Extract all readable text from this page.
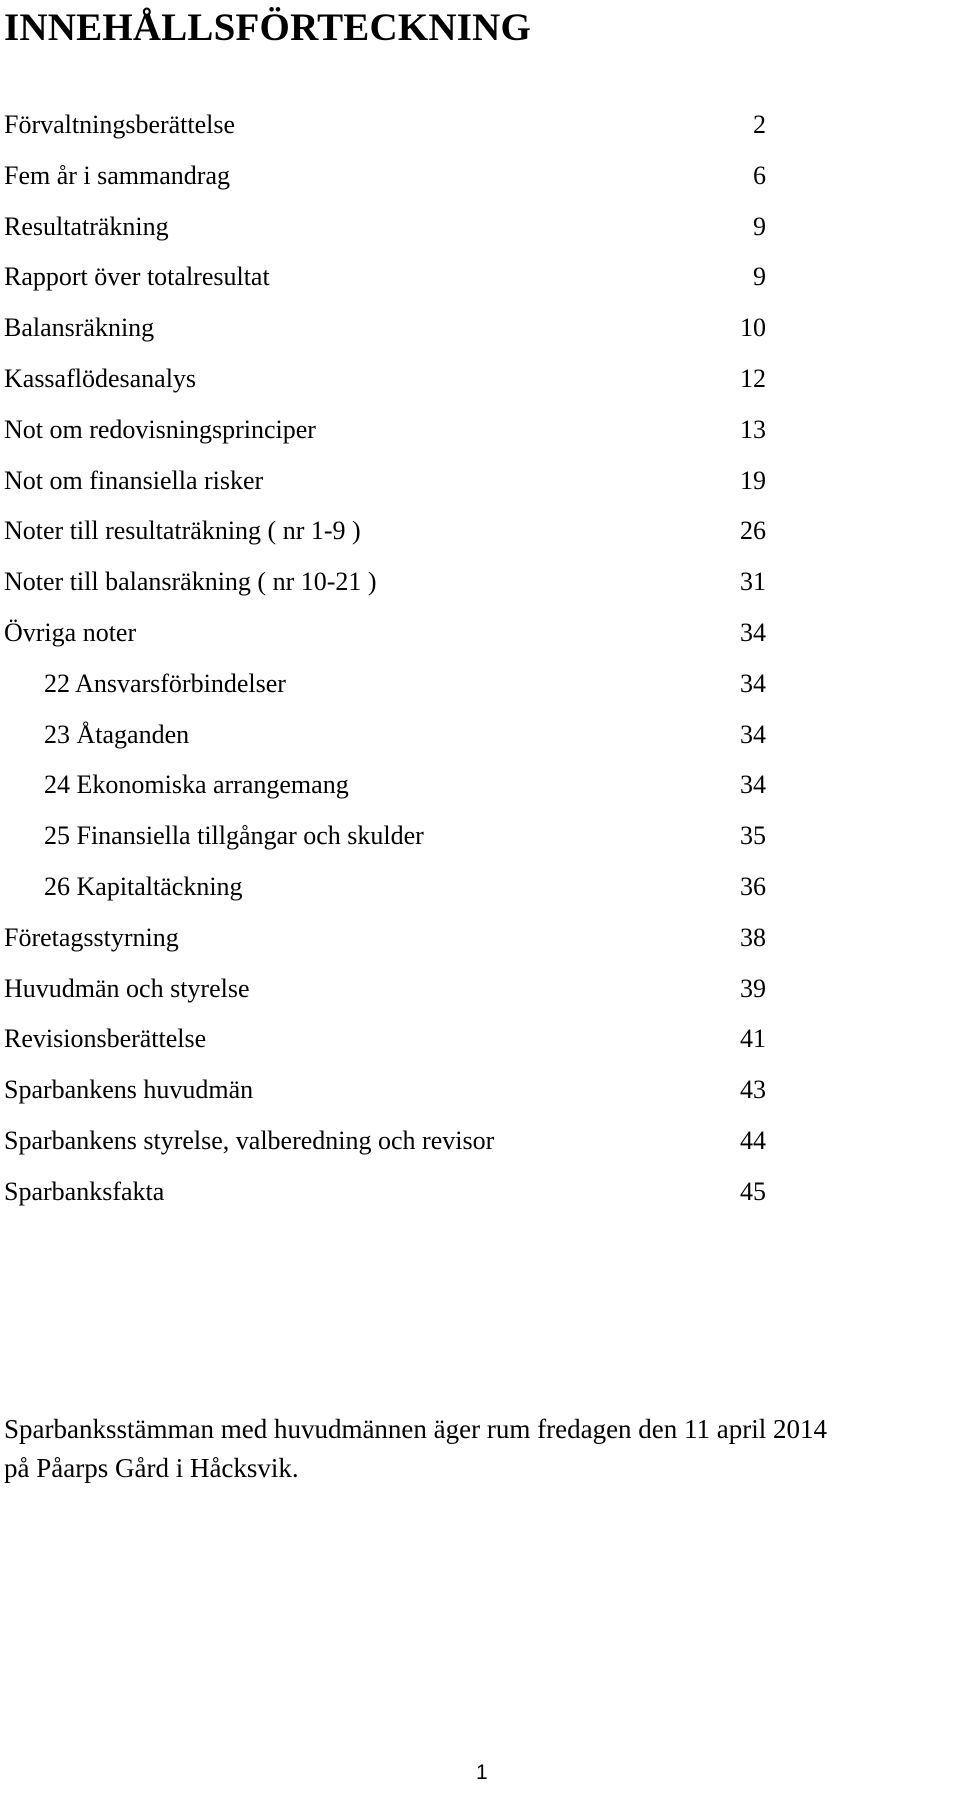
INNEHÅLLSFÖRTECKNING
Förvaltningsberättelse	2
Fem år i sammandrag	6
Resultaträkning	9
Rapport över totalresultat	9
Balansräkning	10
Kassaflödesanalys	12
Not om redovisningsprinciper	13
Not om finansiella risker	19
Noter till resultaträkning ( nr 1-9 )	26
Noter till balansräkning ( nr 10-21 )	31
Övriga noter	34
22 Ansvarsförbindelser	34
23 Åtaganden	34
24 Ekonomiska arrangemang	34
25 Finansiella tillgångar och skulder	35
26 Kapitaltäckning	36
Företagsstyrning	38
Huvudmän och styrelse	39
Revisionsberättelse	41
Sparbankens huvudmän	43
Sparbankens styrelse, valberedning och revisor	44
Sparbanksfakta	45

Sparbanksstämman med huvudmännen äger rum fredagen den 11 april 2014
på Påarps Gård i Håcksvik.

1
